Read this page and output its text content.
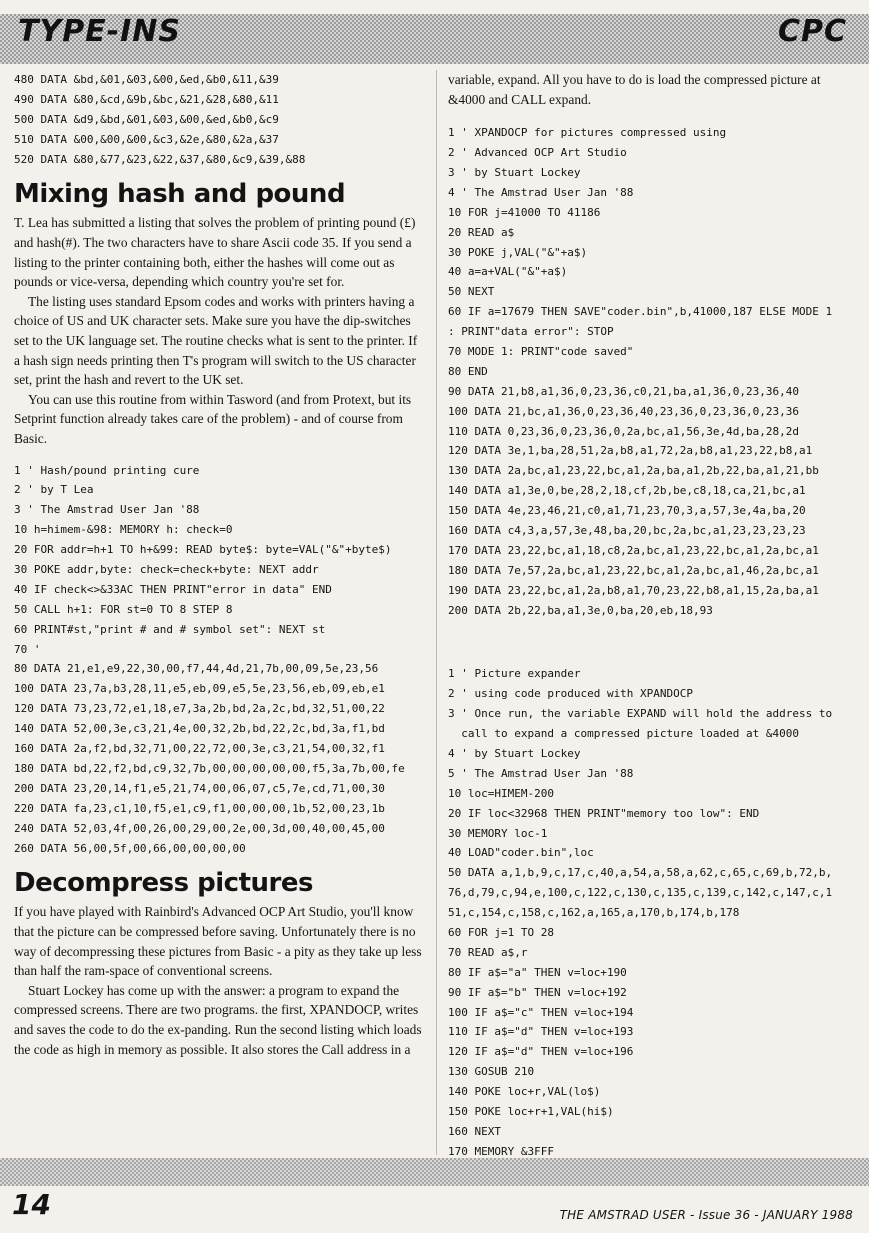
TYPE-INS	CPC
480 DATA &bd,&01,&03,&00,&ed,&b0,&11,&39
490 DATA &80,&cd,&9b,&bc,&21,&28,&80,&11
500 DATA &d9,&bd,&01,&03,&00,&ed,&b0,&c9
510 DATA &00,&00,&00,&c3,&2e,&80,&2a,&37
520 DATA &80,&77,&23,&22,&37,&80,&c9,&39,&88
Mixing hash and pound

T. Lea has submitted a listing that solves the problem of printing pound (£) and hash(#). The two characters have to share Ascii code 35. If you send a listing to the printer containing both, either the hashes will come out as pounds or vice-versa, depending which country you're set for.

The listing uses standard Epsom codes and works with printers having a choice of US and UK character sets. Make sure you have the dip-switches set to the UK language set. The routine checks what is sent to the printer. If a hash sign needs printing then T's program will switch to the US character set, print the hash and revert to the UK set.

You can use this routine from within Tasword (and from Protext, but its Setprint function already takes care of the problem) - and of course from Basic.

1 ' Hash/pound printing cure
2 ' by T Lea
3 ' The Amstrad User Jan '88
10 h=himem-&98: MEMORY h: check=0
20 FOR addr=h+1 TO h+&99: READ byte$: byte=VAL("&"+byte$)
30 POKE addr,byte: check=check+byte: NEXT addr
40 IF check<>&33AC THEN PRINT"error in data" END
50 CALL h+1: FOR st=0 TO 8 STEP 8
60 PRINT#st,"print # and # symbol set": NEXT st
70 '
80 DATA 21,e1,e9,22,30,00,f7,44,4d,21,7b,00,09,5e,23,56
100 DATA 23,7a,b3,28,11,e5,eb,09,e5,5e,23,56,eb,09,eb,e1
120 DATA 73,23,72,e1,18,e7,3a,2b,bd,2a,2c,bd,32,51,00,22
140 DATA 52,00,3e,c3,21,4e,00,32,2b,bd,22,2c,bd,3a,f1,bd
160 DATA 2a,f2,bd,32,71,00,22,72,00,3e,c3,21,54,00,32,f1
180 DATA bd,22,f2,bd,c9,32,7b,00,00,00,00,00,f5,3a,7b,00,fe
200 DATA 23,20,14,f1,e5,21,74,00,06,07,c5,7e,cd,71,00,30
220 DATA fa,23,c1,10,f5,e1,c9,f1,00,00,00,1b,52,00,23,1b
240 DATA 52,03,4f,00,26,00,29,00,2e,00,3d,00,40,00,45,00
260 DATA 56,00,5f,00,66,00,00,00,00
Decompress pictures

If you have played with Rainbird's Advanced OCP Art Studio, you'll know that the picture can be compressed before saving. Unfortunately there is no way of decompressing these pictures from Basic - a pity as they take up less than half the ram-space of conventional screens.

Stuart Lockey has come up with the answer: a program to expand the compressed screens. There are two programs. the first, XPANDOCP, writes and saves the code to do the ex-panding. Run the second listing which loads the code as high in memory as possible. It also stores the Call address in a

variable, expand. All you have to do is load the compressed picture at &4000 and CALL expand.

1 ' XPANDOCP for pictures compressed using
2 ' Advanced OCP Art Studio
3 ' by Stuart Lockey
4 ' The Amstrad User Jan '88
10 FOR j=41000 TO 41186
20 READ a$
30 POKE j,VAL("&"+a$)
40 a=a+VAL("&"+a$)
50 NEXT
60 IF a=17679 THEN SAVE"coder.bin",b,41000,187 ELSE MODE 1
: PRINT"data error": STOP
70 MODE 1: PRINT"code saved"
80 END
90 DATA 21,b8,a1,36,0,23,36,c0,21,ba,a1,36,0,23,36,40
100 DATA 21,bc,a1,36,0,23,36,40,23,36,0,23,36,0,23,36
110 DATA 0,23,36,0,23,36,0,2a,bc,a1,56,3e,4d,ba,28,2d
120 DATA 3e,1,ba,28,51,2a,b8,a1,72,2a,b8,a1,23,22,b8,a1
130 DATA 2a,bc,a1,23,22,bc,a1,2a,ba,a1,2b,22,ba,a1,21,bb
140 DATA a1,3e,0,be,28,2,18,cf,2b,be,c8,18,ca,21,bc,a1
150 DATA 4e,23,46,21,c0,a1,71,23,70,3,a,57,3e,4a,ba,20
160 DATA c4,3,a,57,3e,48,ba,20,bc,2a,bc,a1,23,23,23,23
170 DATA 23,22,bc,a1,18,c8,2a,bc,a1,23,22,bc,a1,2a,bc,a1
180 DATA 7e,57,2a,bc,a1,23,22,bc,a1,2a,bc,a1,46,2a,bc,a1
190 DATA 23,22,bc,a1,2a,b8,a1,70,23,22,b8,a1,15,2a,ba,a1
200 DATA 2b,22,ba,a1,3e,0,ba,20,eb,18,93
1 ' Picture expander
2 ' using code produced with XPANDOCP
3 ' Once run, the variable EXPAND will hold the address to
call to expand a compressed picture loaded at &4000
4 ' by Stuart Lockey
5 ' The Amstrad User Jan '88
10 loc=HIMEM-200
20 IF loc<32968 THEN PRINT"memory too low": END
30 MEMORY loc-1
40 LOAD"coder.bin",loc
50 DATA a,1,b,9,c,17,c,40,a,54,a,58,a,62,c,65,c,69,b,72,b,
76,d,79,c,94,e,100,c,122,c,130,c,135,c,139,c,142,c,147,c,1
51,c,154,c,158,c,162,a,165,a,170,b,174,b,178
60 FOR j=1 TO 28
70 READ a$,r
80 IF a$="a" THEN v=loc+190
90 IF a$="b" THEN v=loc+192
100 IF a$="c" THEN v=loc+194
110 IF a$="d" THEN v=loc+193
120 IF a$="d" THEN v=loc+196
130 GOSUB 210
140 POKE loc+r,VAL(lo$)
150 POKE loc+r+1,VAL(hi$)
160 NEXT
170 MEMORY &3FFF
14	THE AMSTRAD USER - Issue 36 - JANUARY 1988
